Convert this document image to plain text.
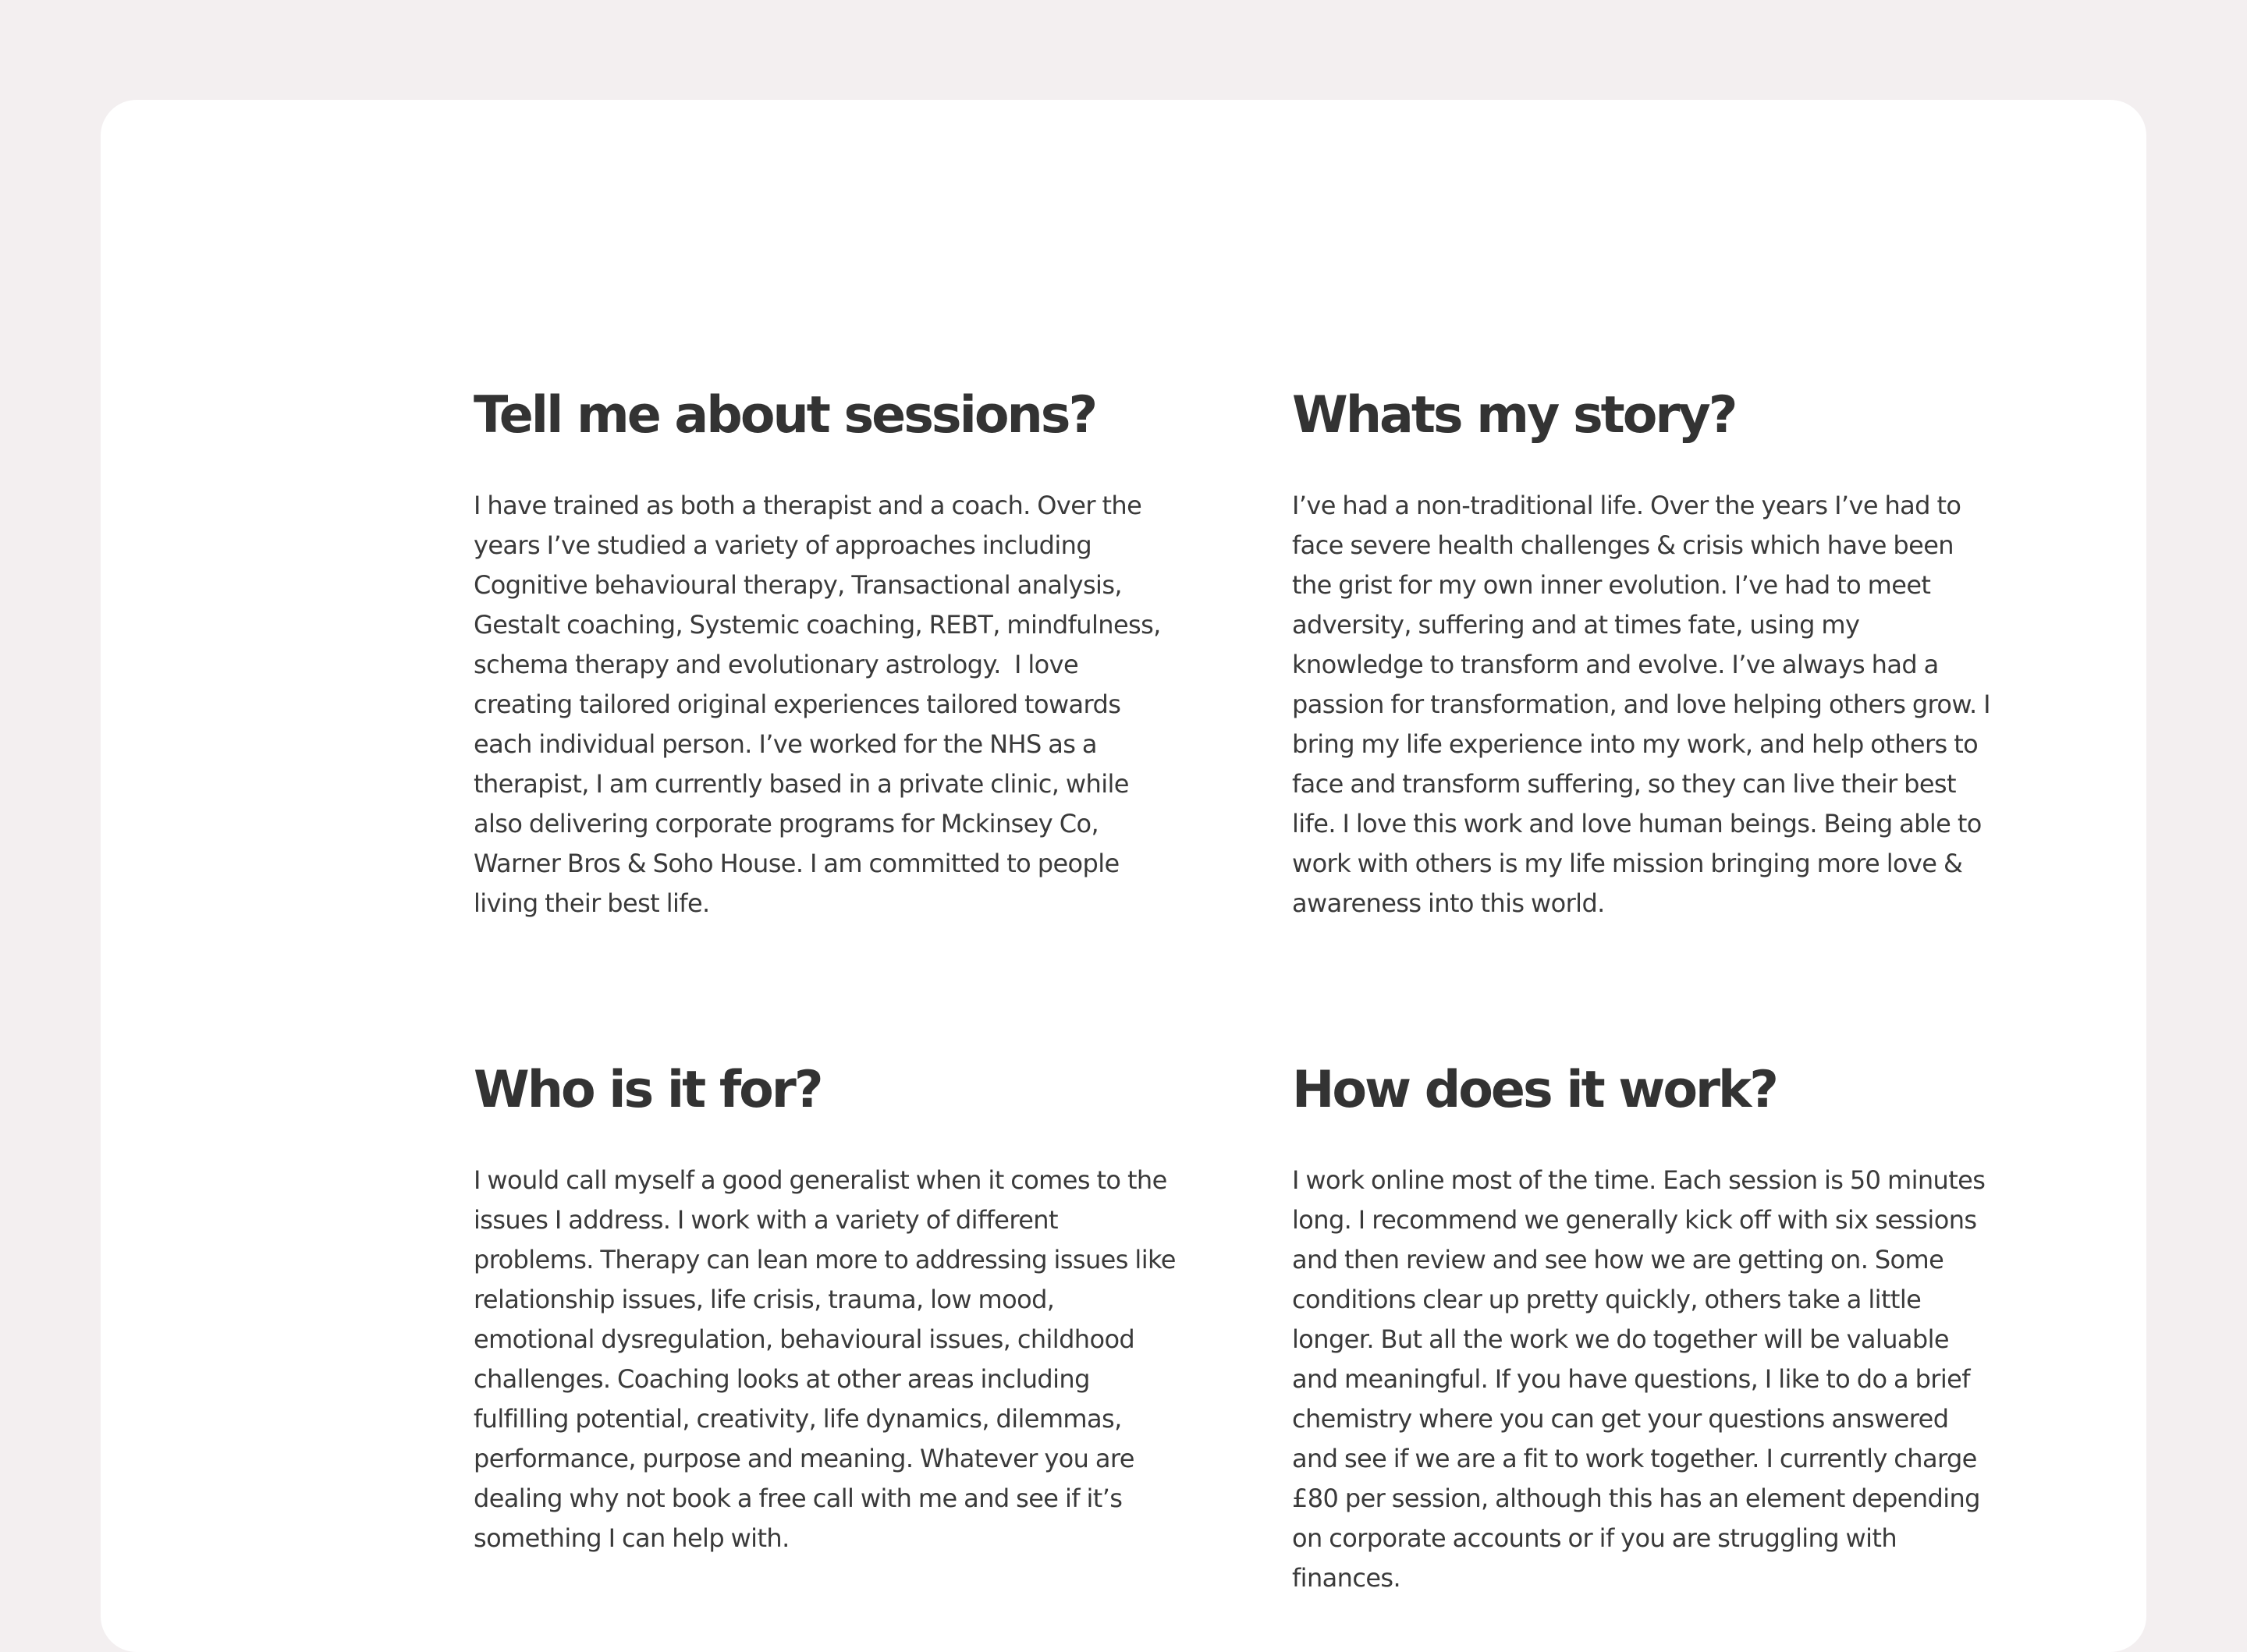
Tell me about sessions?

I have trained as both a therapist and a coach. Over the years I’ve studied a variety of approaches including Cognitive behavioural therapy, Transactional analysis, Gestalt coaching, Systemic coaching, REBT, mindfulness, schema therapy and evolutionary astrology.  I love creating tailored original experiences tailored towards each individual person. I’ve worked for the NHS as a therapist, I am currently based in a private clinic, while also delivering corporate programs for Mckinsey Co, Warner Bros & Soho House. I am committed to people living their best life.

Whats my story?

I’ve had a non-traditional life. Over the years I’ve had to face severe health challenges & crisis which have been the grist for my own inner evolution. I’ve had to meet adversity, suffering and at times fate, using my knowledge to transform and evolve. I’ve always had a passion for transformation, and love helping others grow. I bring my life experience into my work, and help others to face and transform suffering, so they can live their best life. I love this work and love human beings. Being able to work with others is my life mission bringing more love & awareness into this world.

Who is it for?

I would call myself a good generalist when it comes to the issues I address. I work with a variety of different problems. Therapy can lean more to addressing issues like relationship issues, life crisis, trauma, low mood, emotional dysregulation, behavioural issues, childhood challenges. Coaching looks at other areas including fulfilling potential, creativity, life dynamics, dilemmas, performance, purpose and meaning. Whatever you are dealing why not book a free call with me and see if it’s something I can help with.

How does it work?

I work online most of the time. Each session is 50 minutes long. I recommend we generally kick off with six sessions and then review and see how we are getting on. Some conditions clear up pretty quickly, others take a little longer. But all the work we do together will be valuable and meaningful. If you have questions, I like to do a brief chemistry where you can get your questions answered and see if we are a fit to work together. I currently charge £80 per session, although this has an element depending on corporate accounts or if you are struggling with finances.
